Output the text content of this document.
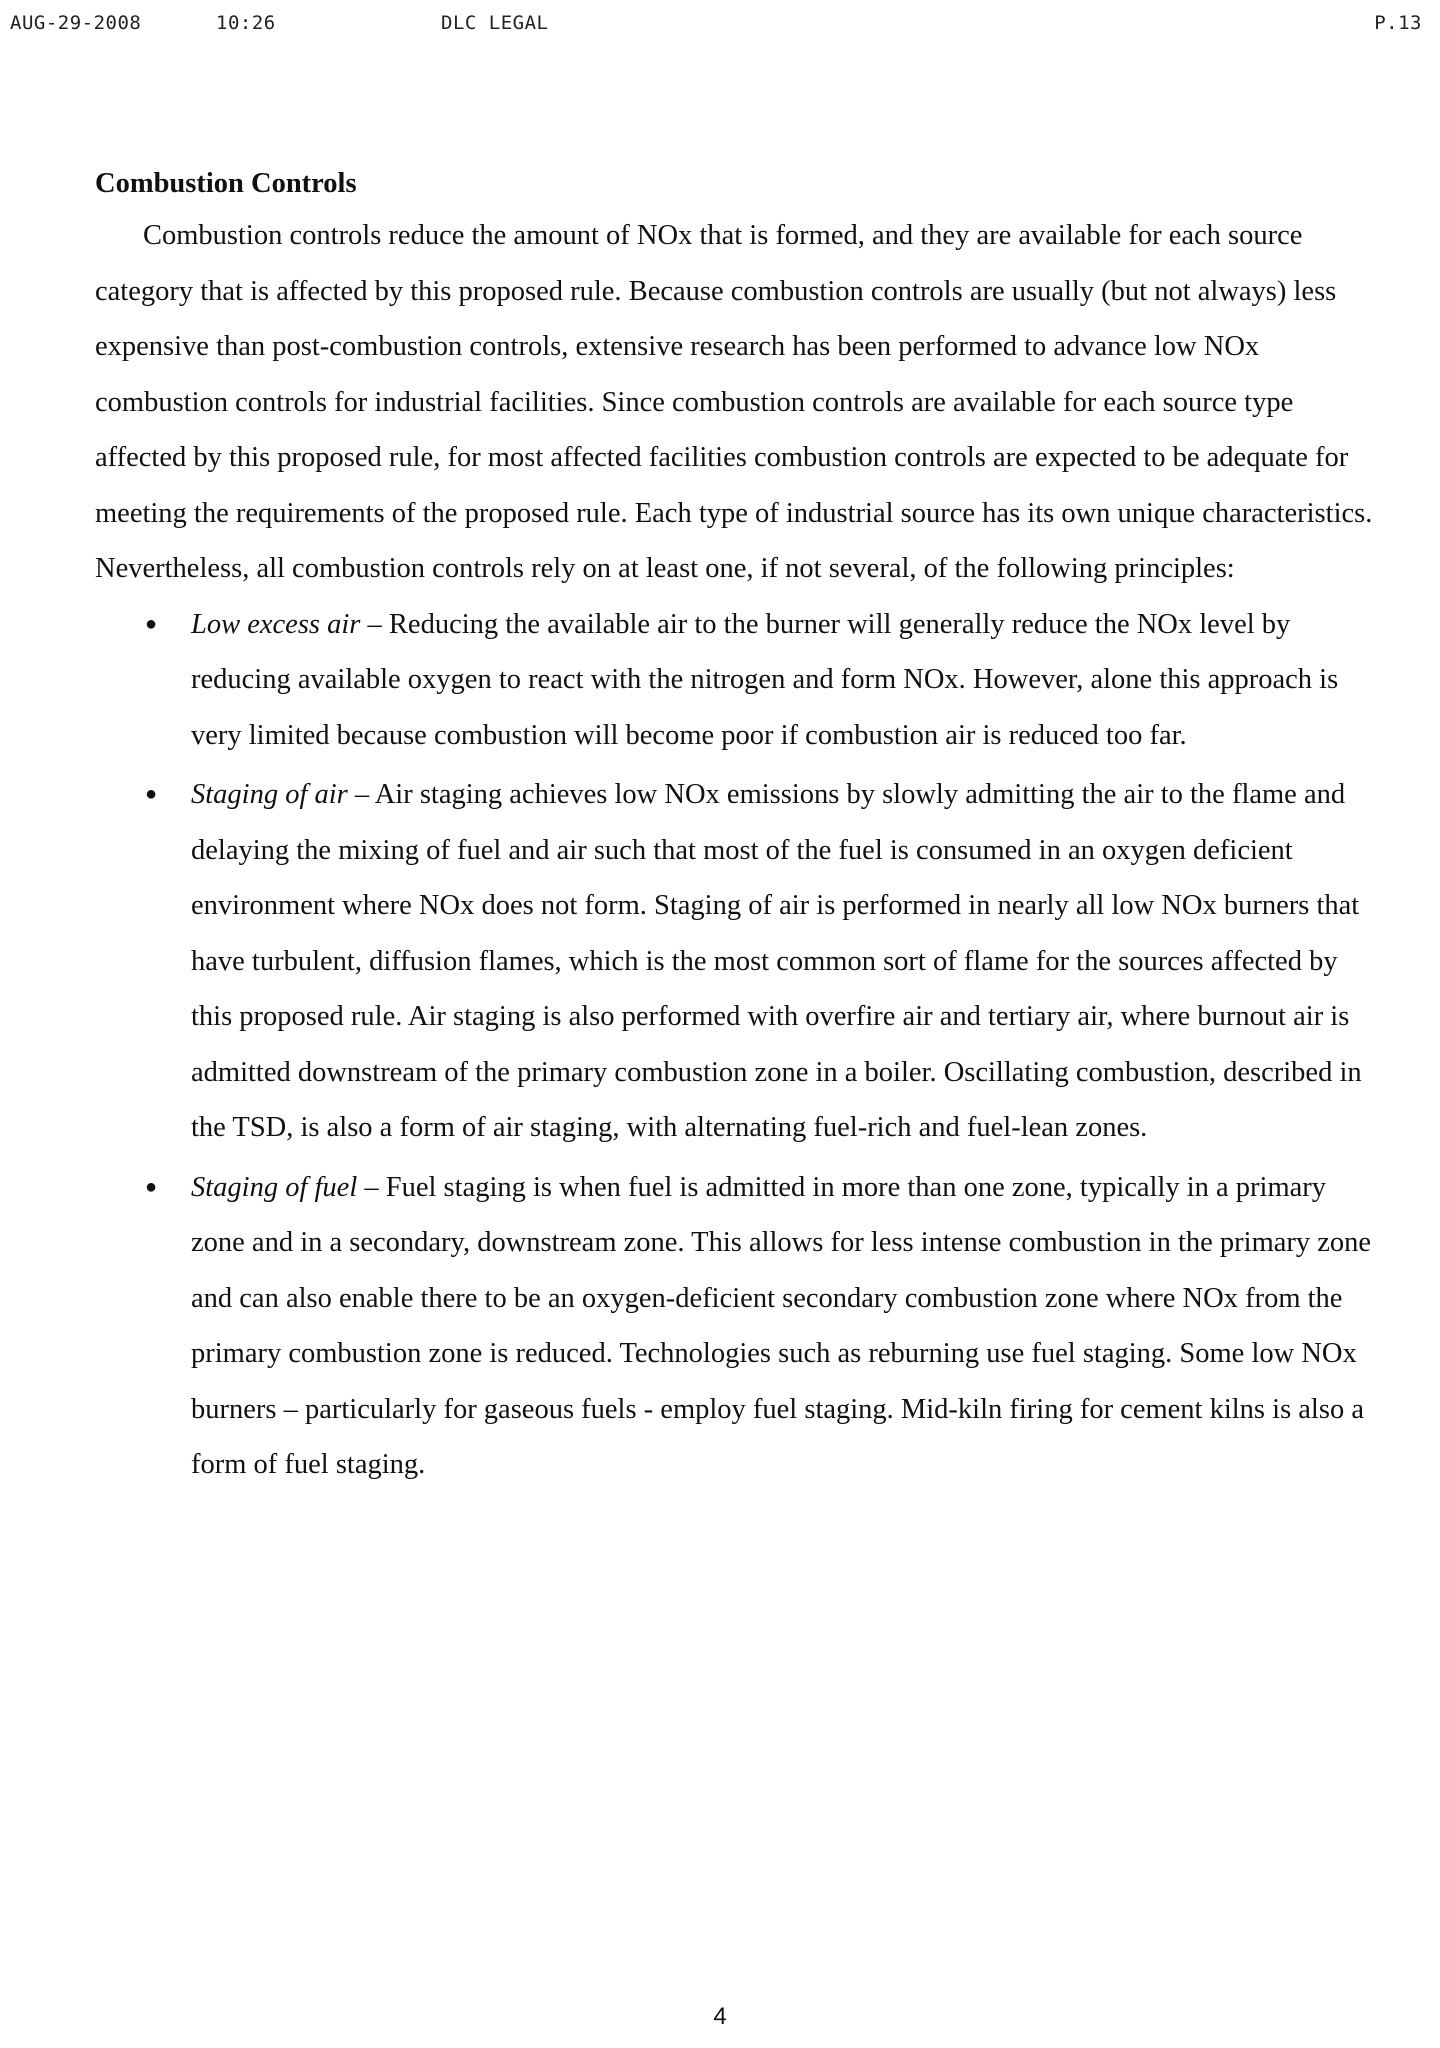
AUG-29-2008	10:26	DLC LEGAL	P.13
Combustion Controls

Combustion controls reduce the amount of NOx that is formed, and they are available for each source category that is affected by this proposed rule. Because combustion controls are usually (but not always) less expensive than post-combustion controls, extensive research has been performed to advance low NOx combustion controls for industrial facilities. Since combustion controls are available for each source type affected by this proposed rule, for most affected facilities combustion controls are expected to be adequate for meeting the requirements of the proposed rule. Each type of industrial source has its own unique characteristics. Nevertheless, all combustion controls rely on at least one, if not several, of the following principles:

● Low excess air – Reducing the available air to the burner will generally reduce the NOx level by reducing available oxygen to react with the nitrogen and form NOx. However, alone this approach is very limited because combustion will become poor if combustion air is reduced too far.
● Staging of air – Air staging achieves low NOx emissions by slowly admitting the air to the flame and delaying the mixing of fuel and air such that most of the fuel is consumed in an oxygen deficient environment where NOx does not form. Staging of air is performed in nearly all low NOx burners that have turbulent, diffusion flames, which is the most common sort of flame for the sources affected by this proposed rule. Air staging is also performed with overfire air and tertiary air, where burnout air is admitted downstream of the primary combustion zone in a boiler. Oscillating combustion, described in the TSD, is also a form of air staging, with alternating fuel-rich and fuel-lean zones.
● Staging of fuel – Fuel staging is when fuel is admitted in more than one zone, typically in a primary zone and in a secondary, downstream zone. This allows for less intense combustion in the primary zone and can also enable there to be an oxygen-deficient secondary combustion zone where NOx from the primary combustion zone is reduced. Technologies such as reburning use fuel staging. Some low NOx burners – particularly for gaseous fuels - employ fuel staging. Mid-kiln firing for cement kilns is also a form of fuel staging.
4
